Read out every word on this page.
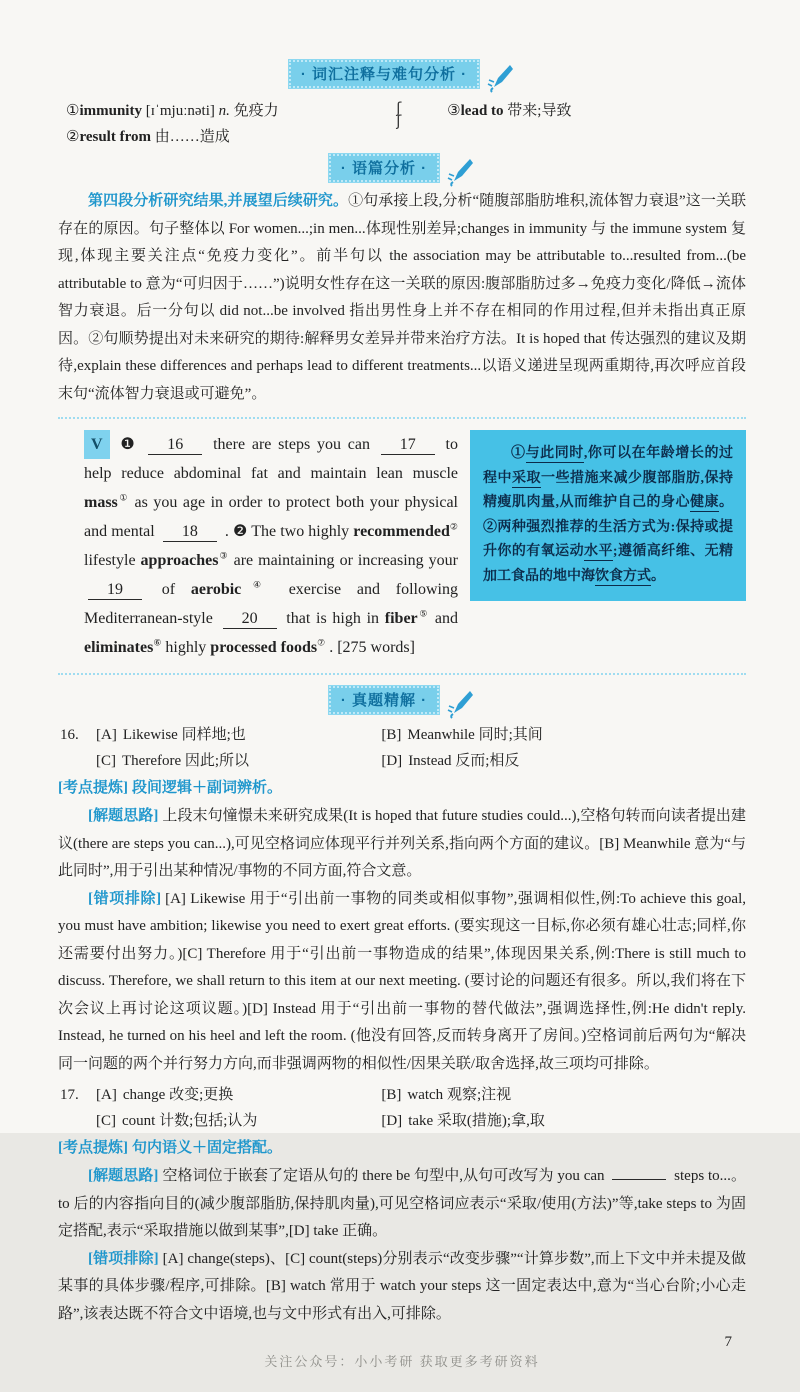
· 词汇注释与难句分析 ·
①immunity [ɪˈmjuːnəti] n. 免疫力
②result from 由……造成
ʃ
ʃ
③lead to 带来;导致
· 语篇分析 ·

第四段分析研究结果,并展望后续研究。①句承接上段,分析“随腹部脂肪堆积,流体智力衰退”这一关联存在的原因。句子整体以 For women...;in men...体现性别差异;changes in immunity 与 the immune system 复现,体现主要关注点“免疫力变化”。前半句以 the association may be attributable to...resulted from...(be attributable to 意为“可归因于……”)说明女性存在这一关联的原因:腹部脂肪过多→免疫力变化/降低→流体智力衰退。后一分句以 did not...be involved 指出男性身上并不存在相同的作用过程,但并未指出真正原因。②句顺势提出对未来研究的期待:解释男女差异并带来治疗方法。It is hoped that 传达强烈的建议及期待,explain these differences and perhaps lead to different treatments...以语义递进呈现两重期待,再次呼应首段末句“流体智力衰退或可避免”。

V ❶ 16 there are steps you can 17 to help reduce abdominal fat and maintain lean muscle mass① as you age in order to protect both your physical and mental 18 . ❷ The two highly recommended② lifestyle approaches③ are maintaining or increasing your 19 of aerobic④ exercise and following Mediterranean-style 20 that is high in fiber⑤ and eliminates⑥ highly processed foods⑦ . [275 words]
①与此同时,你可以在年龄增长的过程中采取一些措施来减少腹部脂肪,保持精瘦肌肉量,从而维护自己的身心健康。②两种强烈推荐的生活方式为:保持或提升你的有氧运动水平;遵循高纤维、无精加工食品的地中海饮食方式。
· 真题精解 ·
16. [A] Likewise 同样地;也	[B] Meanwhile 同时;其间
[C] Therefore 因此;所以	[D] Instead 反而;相反
[考点提炼] 段间逻辑＋副词辨析。

[解题思路] 上段末句憧憬未来研究成果(It is hoped that future studies could...),空格句转而向读者提出建议(there are steps you can...),可见空格词应体现平行并列关系,指向两个方面的建议。[B] Meanwhile 意为“与此同时”,用于引出某种情况/事物的不同方面,符合文意。

[错项排除] [A] Likewise 用于“引出前一事物的同类或相似事物”,强调相似性,例:To achieve this goal, you must have ambition; likewise you need to exert great efforts. (要实现这一目标,你必须有雄心壮志;同样,你还需要付出努力。)[C] Therefore 用于“引出前一事物造成的结果”,体现因果关系,例:There is still much to discuss. Therefore, we shall return to this item at our next meeting. (要讨论的问题还有很多。所以,我们将在下次会议上再讨论这项议题。)[D] Instead 用于“引出前一事物的替代做法”,强调选择性,例:He didn't reply. Instead, he turned on his heel and left the room. (他没有回答,反而转身离开了房间。)空格词前后两句为“解决同一问题的两个并行努力方向,而非强调两物的相似性/因果关联/取舍选择,故三项均可排除。

17. [A] change 改变;更换	[B] watch 观察;注视
[C] count 计数;包括;认为	[D] take 采取(措施);拿,取
[考点提炼] 句内语义＋固定搭配。

[解题思路] 空格词位于嵌套了定语从句的 there be 句型中,从句可改写为 you can	steps to...。to 后的内容指向目的(减少腹部脂肪,保持肌肉量),可见空格词应表示“采取/使用(方法)”等,take steps to 为固定搭配,表示“采取措施以做到某事”,[D] take 正确。

[错项排除] [A] change(steps)、[C] count(steps)分别表示“改变步骤”“计算步数”,而上下文中并未提及做某事的具体步骤/程序,可排除。[B] watch 常用于 watch your steps 这一固定表达中,意为“当心台阶;小心走路”,该表达既不符合文中语境,也与文中形式有出入,可排除。

7
关注公众号：小小考研 获取更多考研资料
